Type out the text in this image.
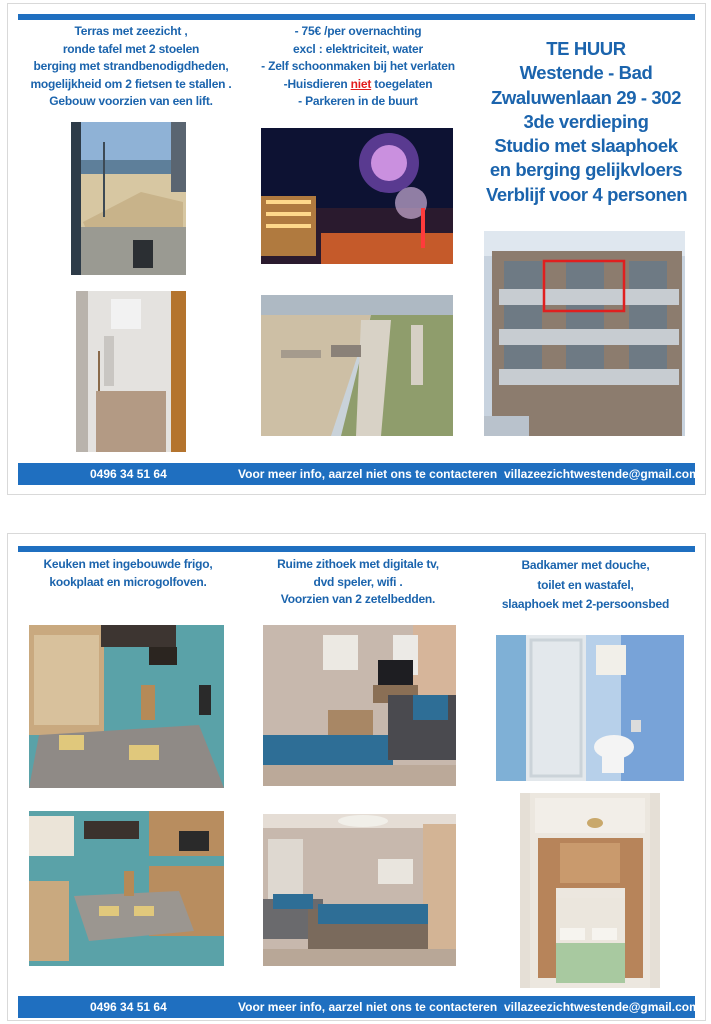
Terras met zeezicht ,
ronde tafel met 2 stoelen
berging met strandbenodigdheden,
mogelijkheid om 2 fietsen te stallen .
Gebouw voorzien van een lift.
- 75€ /per overnachting
excl : elektriciteit, water
- Zelf schoonmaken bij het verlaten
-Huisdieren niet toegelaten
- Parkeren in de buurt
TE HUUR
Westende - Bad
Zwaluwenlaan 29 - 302
3de verdieping
Studio met slaaphoek
en berging gelijkvloers
Verblijf voor 4 personen
0496 34 51 64	Voor meer info, aarzel niet ons te contacteren villazeezichtwestende@gmail.com
Keuken met ingebouwde frigo,
kookplaat en microgolfoven.
Ruime zithoek met digitale tv,
dvd speler, wifi .
Voorzien van 2 zetelbedden.
Badkamer met douche,
toilet en wastafel,
slaaphoek met 2-persoonsbed
0496 34 51 64	Voor meer info, aarzel niet ons te contacteren villazeezichtwestende@gmail.com
